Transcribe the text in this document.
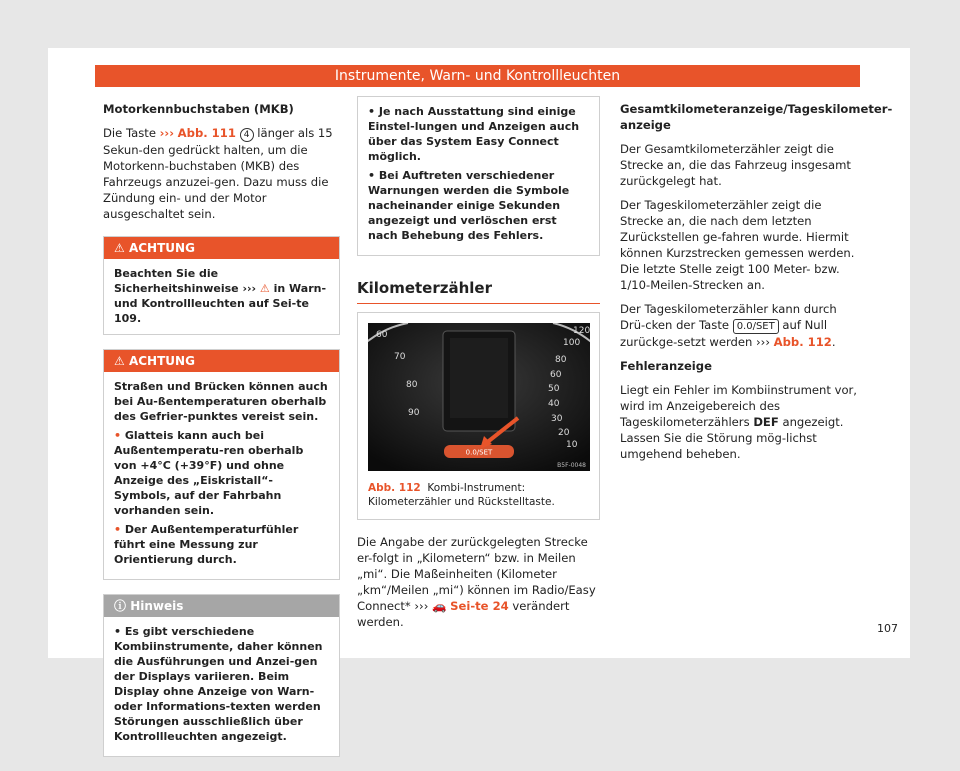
Instrumente, Warn- und Kontrollleuchten

Motorkennbuchstaben (MKB)

Die Taste ››› Abb. 111 4 länger als 15 Sekun-den gedrückt halten, um die Motorkenn-buchstaben (MKB) des Fahrzeugs anzuzei-gen. Dazu muss die Zündung ein- und der Motor ausgeschaltet sein.

⚠ ACHTUNG
Beachten Sie die Sicherheitshinweise ››› ⚠ in Warn- und Kontrollleuchten auf Sei-te 109.
⚠ ACHTUNG

Straßen und Brücken können auch bei Au-ßentemperaturen oberhalb des Gefrier-punktes vereist sein.

• Glatteis kann auch bei Außentemperatu-ren oberhalb von +4°C (+39°F) und ohne Anzeige des „Eiskristall“-Symbols, auf der Fahrbahn vorhanden sein.

• Der Außentemperaturfühler führt eine Messung zur Orientierung durch.

ⓘ Hinweis

• Es gibt verschiedene Kombiinstrumente, daher können die Ausführungen und Anzei-gen der Displays variieren. Beim Display ohne Anzeige von Warn- oder Informations-texten werden Störungen ausschließlich über Kontrollleuchten angezeigt.

• Je nach Ausstattung sind einige Einstel-lungen und Anzeigen auch über das System Easy Connect möglich.

• Bei Auftreten verschiedener Warnungen werden die Symbole nacheinander einige Sekunden angezeigt und verlöschen erst nach Behebung des Fehlers.

Kilometerzähler
60
70
80
90
120
100
80
60
50
40
30
20
10
0.0/SET
B5F-0048
Abb. 112 Kombi-Instrument: Kilometerzähler und Rückstelltaste.

Die Angabe der zurückgelegten Strecke er-folgt in „Kilometern“ bzw. in Meilen „mi“. Die Maßeinheiten (Kilometer „km“/Meilen „mi“) können im Radio/Easy Connect* ››› 🚗 Sei-te 24 verändert werden.

Gesamtkilometeranzeige/Tageskilometer-anzeige

Der Gesamtkilometerzähler zeigt die Strecke an, die das Fahrzeug insgesamt zurückgelegt hat.

Der Tageskilometerzähler zeigt die Strecke an, die nach dem letzten Zurückstellen ge-fahren wurde. Hiermit können Kurzstrecken gemessen werden. Die letzte Stelle zeigt 100 Meter- bzw. 1/10-Meilen-Strecken an.

Der Tageskilometerzähler kann durch Drü-cken der Taste 0.0/SET auf Null zurückge-setzt werden ››› Abb. 112.

Fehleranzeige

Liegt ein Fehler im Kombiinstrument vor, wird im Anzeigebereich des Tageskilometerzählers DEF angezeigt. Lassen Sie die Störung mög-lichst umgehend beheben.

107
